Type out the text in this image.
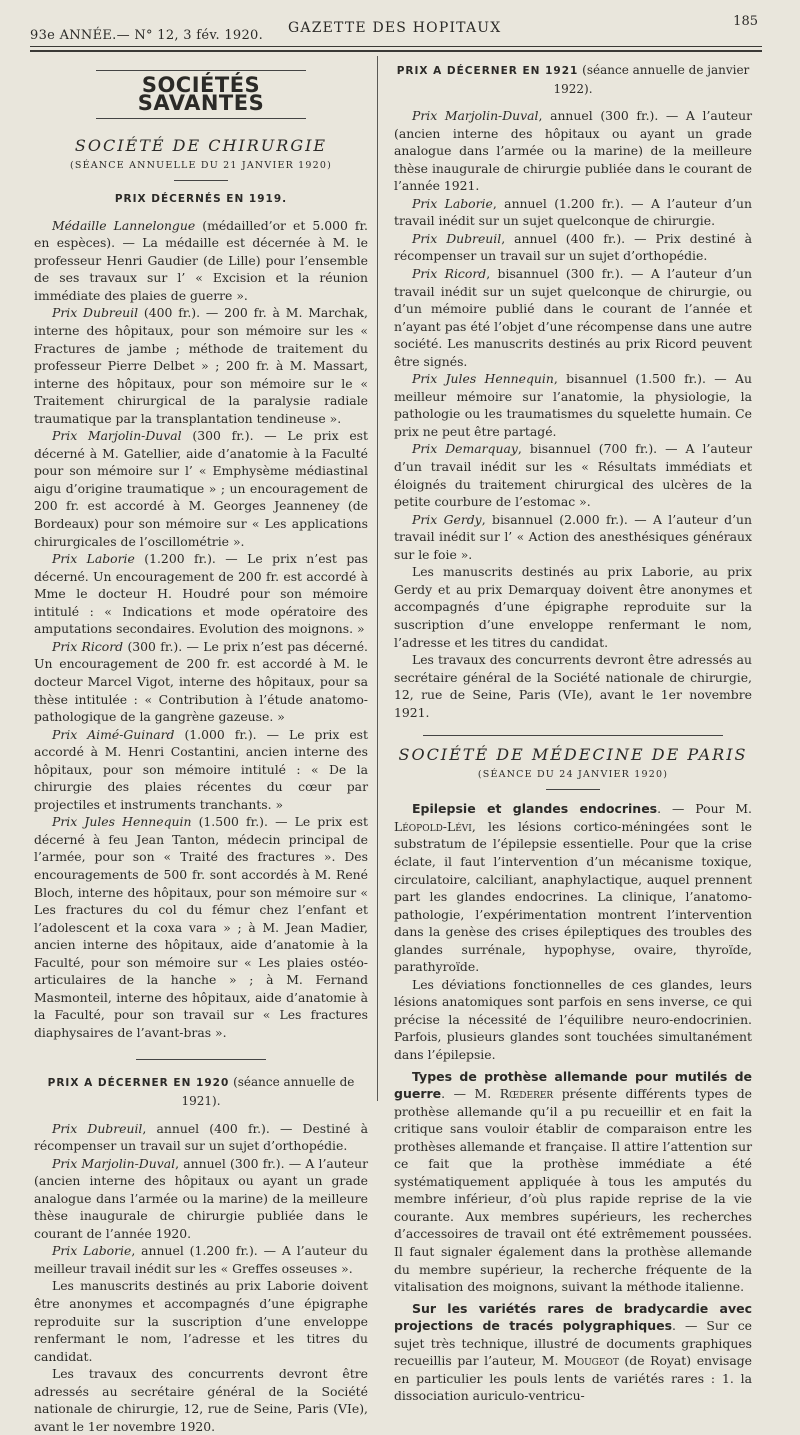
93e ANNÉE.— N° 12, 3 fév. 1920. GAZETTE DES HOPITAUX	185
SOCIÉTÉS SAVANTES
SOCIÉTÉ DE CHIRURGIE
(SÉANCE ANNUELLE DU 21 JANVIER 1920)
PRIX DÉCERNÉS EN 1919.

Médaille Lannelongue (médailled’or et 5.000 fr. en espèces). — La médaille est décernée à M. le professeur Henri Gaudier (de Lille) pour l’ensemble de ses travaux sur l’ « Excision et la réunion immédiate des plaies de guerre ».

Prix Dubreuil (400 fr.). — 200 fr. à M. Marchak, interne des hôpitaux, pour son mémoire sur les « Fractures de jambe ; méthode de traitement du professeur Pierre Delbet » ; 200 fr. à M. Massart, interne des hôpitaux, pour son mémoire sur le « Traitement chirurgical de la paralysie radiale traumatique par la transplantation tendineuse ».

Prix Marjolin-Duval (300 fr.). — Le prix est décerné à M. Gatellier, aide d’anatomie à la Faculté pour son mémoire sur l’ « Emphysème médiastinal aigu d’origine traumatique » ; un encouragement de 200 fr. est accordé à M. Georges Jeanneney (de Bordeaux) pour son mémoire sur « Les applications chirurgicales de l’oscillométrie ».

Prix Laborie (1.200 fr.). — Le prix n’est pas décerné. Un encouragement de 200 fr. est accordé à Mme le docteur H. Houdré pour son mémoire intitulé : « Indications et mode opératoire des amputations secondaires. Evolution des moignons. »

Prix Ricord (300 fr.). — Le prix n’est pas décerné. Un encouragement de 200 fr. est accordé à M. le docteur Marcel Vigot, interne des hôpitaux, pour sa thèse intitulée : « Contribution à l’étude anatomo-pathologique de la gangrène gazeuse. »

Prix Aimé-Guinard (1.000 fr.). — Le prix est accordé à M. Henri Costantini, ancien interne des hôpitaux, pour son mémoire intitulé : « De la chirurgie des plaies récentes du cœur par projectiles et instruments tranchants. »

Prix Jules Hennequin (1.500 fr.). — Le prix est décerné à feu Jean Tanton, médecin principal de l’armée, pour son « Traité des fractures ». Des encouragements de 500 fr. sont accordés à M. René Bloch, interne des hôpitaux, pour son mémoire sur « Les fractures du col du fémur chez l’enfant et l’adolescent et la coxa vara » ; à M. Jean Madier, ancien interne des hôpitaux, aide d’anatomie à la Faculté, pour son mémoire sur « Les plaies ostéo-articulaires de la hanche » ; à M. Fernand Masmonteil, interne des hôpitaux, aide d’anatomie à la Faculté, pour son travail sur « Les fractures diaphysaires de l’avant-bras ».

PRIX A DÉCERNER EN 1920 (séance annuelle de 1921).

Prix Dubreuil, annuel (400 fr.). — Destiné à récompenser un travail sur un sujet d’orthopédie.

Prix Marjolin-Duval, annuel (300 fr.). — A l’auteur (ancien interne des hôpitaux ou ayant un grade analogue dans l’armée ou la marine) de la meilleure thèse inaugurale de chirurgie publiée dans le courant de l’année 1920.

Prix Laborie, annuel (1.200 fr.). — A l’auteur du meilleur travail inédit sur les « Greffes osseuses ».

Les manuscrits destinés au prix Laborie doivent être anonymes et accompagnés d’une épigraphe reproduite sur la suscription d’une enveloppe renfermant le nom, l’adresse et les titres du candidat.

Les travaux des concurrents devront être adressés au secrétaire général de la Société nationale de chirurgie, 12, rue de Seine, Paris (VIe), avant le 1er novembre 1920.

PRIX A DÉCERNER EN 1921 (séance annuelle de janvier 1922).

Prix Marjolin-Duval, annuel (300 fr.). — A l’auteur (ancien interne des hôpitaux ou ayant un grade analogue dans l’armée ou la marine) de la meilleure thèse inaugurale de chirurgie publiée dans le courant de l’année 1921.

Prix Laborie, annuel (1.200 fr.). — A l’auteur d’un travail inédit sur un sujet quelconque de chirurgie.

Prix Dubreuil, annuel (400 fr.). — Prix destiné à récompenser un travail sur un sujet d’orthopédie.

Prix Ricord, bisannuel (300 fr.). — A l’auteur d’un travail inédit sur un sujet quelconque de chirurgie, ou d’un mémoire publié dans le courant de l’année et n’ayant pas été l’objet d’une récompense dans une autre société. Les manuscrits destinés au prix Ricord peuvent être signés.

Prix Jules Hennequin, bisannuel (1.500 fr.). — Au meilleur mémoire sur l’anatomie, la physiologie, la pathologie ou les traumatismes du squelette humain. Ce prix ne peut être partagé.

Prix Demarquay, bisannuel (700 fr.). — A l’auteur d’un travail inédit sur les « Résultats immédiats et éloignés du traitement chirurgical des ulcères de la petite courbure de l’estomac ».

Prix Gerdy, bisannuel (2.000 fr.). — A l’auteur d’un travail inédit sur l’ « Action des anesthésiques généraux sur le foie ».

Les manuscrits destinés au prix Laborie, au prix Gerdy et au prix Demarquay doivent être anonymes et accompagnés d’une épigraphe reproduite sur la suscription d’une enveloppe renfermant le nom, l’adresse et les titres du candidat.

Les travaux des concurrents devront être adressés au secrétaire général de la Société nationale de chirurgie, 12, rue de Seine, Paris (VIe), avant le 1er novembre 1921.

SOCIÉTÉ DE MÉDECINE DE PARIS
(SÉANCE DU 24 JANVIER 1920)

Epilepsie et glandes endocrines. — Pour M. Léopold-Lévi, les lésions cortico-méningées sont le substratum de l’épilepsie essentielle. Pour que la crise éclate, il faut l’intervention d’un mécanisme toxique, circulatoire, calciliant, anaphylactique, auquel prennent part les glandes endocrines. La clinique, l’anatomo-pathologie, l’expérimentation montrent l’intervention dans la genèse des crises épileptiques des troubles des glandes surrénale, hypophyse, ovaire, thyroïde, parathyroïde.

Les déviations fonctionnelles de ces glandes, leurs lésions anatomiques sont parfois en sens inverse, ce qui précise la nécessité de l’équilibre neuro-endocrinien. Parfois, plusieurs glandes sont touchées simultanément dans l’épilepsie.

Types de prothèse allemande pour mutilés de guerre. — M. Rœderer présente différents types de prothèse allemande qu’il a pu recueillir et en fait la critique sans vouloir établir de comparaison entre les prothèses allemande et française. Il attire l’attention sur ce fait que la prothèse immédiate a été systématiquement appliquée à tous les amputés du membre inférieur, d’où plus rapide reprise de la vie courante. Aux membres supérieurs, les recherches d’accessoires de travail ont été extrêmement poussées. Il faut signaler également dans la prothèse allemande du membre supérieur, la recherche fréquente de la vitalisation des moignons, suivant la méthode italienne.

Sur les variétés rares de bradycardie avec projections de tracés polygraphiques. — Sur ce sujet très technique, illustré de documents graphiques recueillis par l’auteur, M. Mougeot (de Royat) envisage en particulier les pouls lents de variétés rares : 1. la dissociation auriculo-ventricu-
